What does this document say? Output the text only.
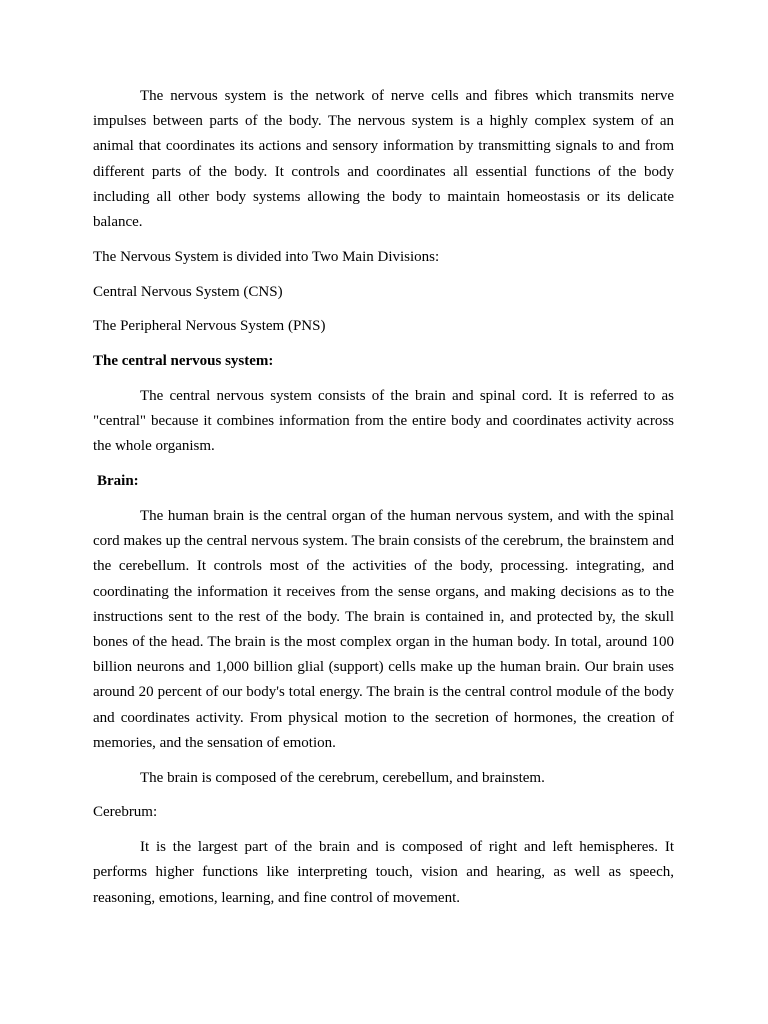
The nervous system is the network of nerve cells and fibres which transmits nerve impulses between parts of the body. The nervous system is a highly complex system of an animal that coordinates its actions and sensory information by transmitting signals to and from different parts of the body. It controls and coordinates all essential functions of the body including all other body systems allowing the body to maintain homeostasis or its delicate balance.

The Nervous System is divided into Two Main Divisions:

Central Nervous System (CNS)

The Peripheral Nervous System (PNS)

The central nervous system:

The central nervous system consists of the brain and spinal cord. It is referred to as "central" because it combines information from the entire body and coordinates activity across the whole organism.

Brain:

The human brain is the central organ of the human nervous system, and with the spinal cord makes up the central nervous system. The brain consists of the cerebrum, the brainstem and the cerebellum. It controls most of the activities of the body, processing. integrating, and coordinating the information it receives from the sense organs, and making decisions as to the instructions sent to the rest of the body. The brain is contained in, and protected by, the skull bones of the head. The brain is the most complex organ in the human body. In total, around 100 billion neurons and 1,000 billion glial (support) cells make up the human brain. Our brain uses around 20 percent of our body's total energy. The brain is the central control module of the body and coordinates activity. From physical motion to the secretion of hormones, the creation of memories, and the sensation of emotion.

The brain is composed of the cerebrum, cerebellum, and brainstem.

Cerebrum:

It is the largest part of the brain and is composed of right and left hemispheres. It performs higher functions like interpreting touch, vision and hearing, as well as speech, reasoning, emotions, learning, and fine control of movement.
